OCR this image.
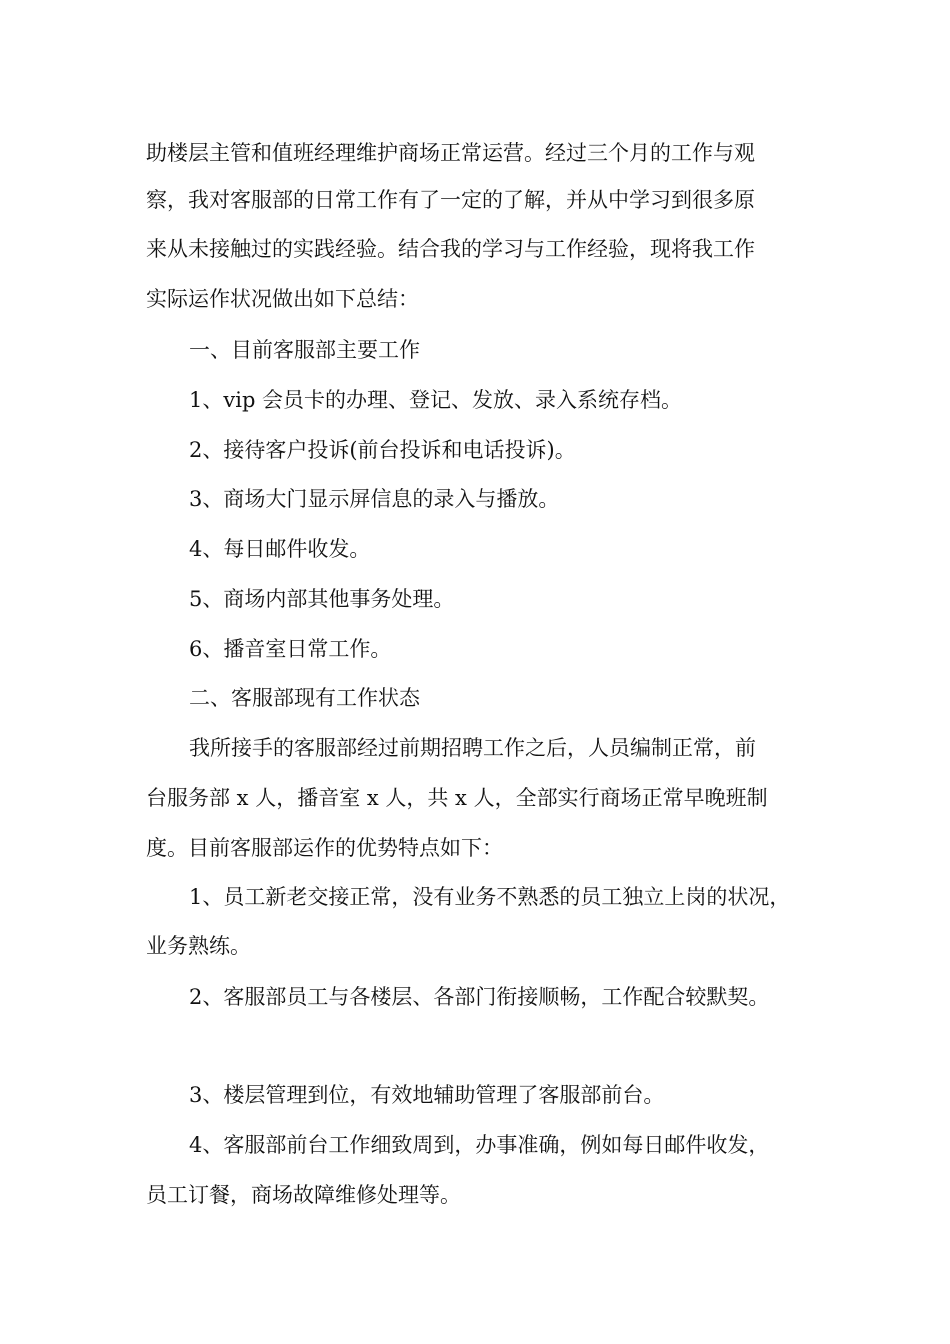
助楼层主管和值班经理维护商场正常运营。经过三个月的工作与观
察，我对客服部的日常工作有了一定的了解，并从中学习到很多原
来从未接触过的实践经验。结合我的学习与工作经验，现将我工作
实际运作状况做出如下总结：
一、目前客服部主要工作
1、vip 会员卡的办理、登记、发放、录入系统存档。
2、接待客户投诉(前台投诉和电话投诉)。
3、商场大门显示屏信息的录入与播放。
4、每日邮件收发。
5、商场内部其他事务处理。
6、播音室日常工作。
二、客服部现有工作状态
我所接手的客服部经过前期招聘工作之后，人员编制正常，前
台服务部 x 人，播音室 x 人，共 x 人，全部实行商场正常早晚班制
度。目前客服部运作的优势特点如下：
1、员工新老交接正常，没有业务不熟悉的员工独立上岗的状况，
业务熟练。
2、客服部员工与各楼层、各部门衔接顺畅，工作配合较默契。
3、楼层管理到位，有效地辅助管理了客服部前台。
4、客服部前台工作细致周到，办事准确，例如每日邮件收发，
员工订餐，商场故障维修处理等。
